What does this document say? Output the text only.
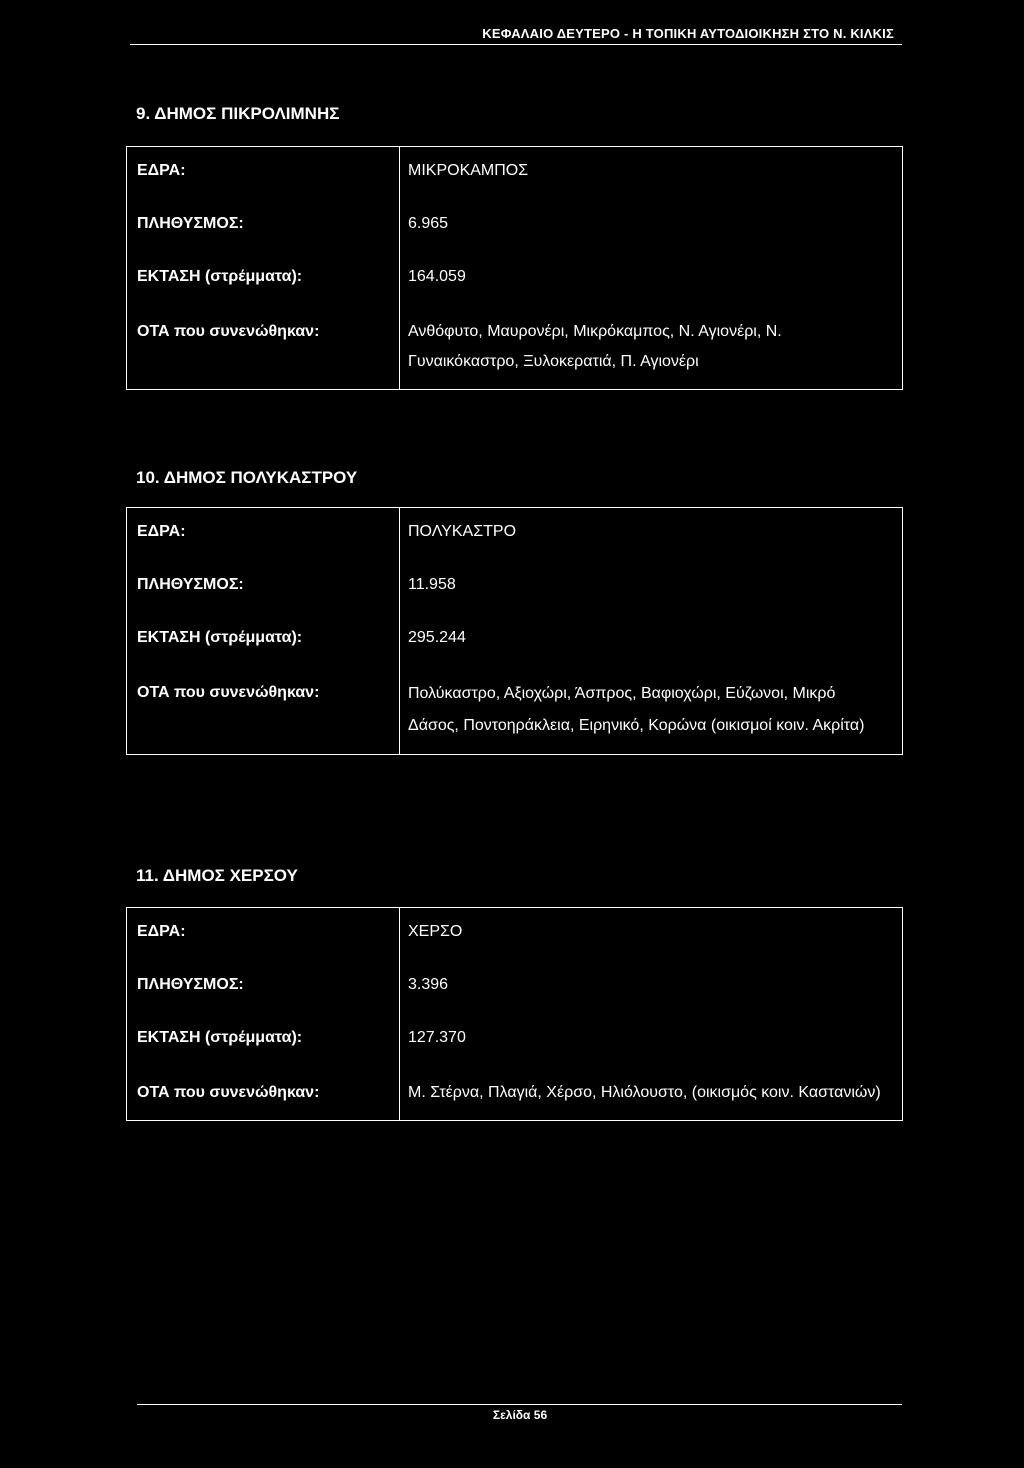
ΚΕΦΑΛΑΙΟ ΔΕΥΤΕΡΟ - Η ΤΟΠΙΚΗ ΑΥΤΟΔΙΟΙΚΗΣΗ ΣΤΟ Ν. ΚΙΛΚΙΣ
9. ΔΗΜΟΣ ΠΙΚΡΟΛΙΜΝΗΣ
ΕΔΡΑ:	ΜΙΚΡΟΚΑΜΠΟΣ
ΠΛΗΘΥΣΜΟΣ:	6.965
ΕΚΤΑΣΗ (στρέμματα):	164.059
ΟΤΑ που συνενώθηκαν:	Ανθόφυτο, Μαυρονέρι, Μικρόκαμπος, Ν. Αγιονέρι, Ν. Γυναικόκαστρο, Ξυλοκερατιά, Π. Αγιονέρι
10. ΔΗΜΟΣ ΠΟΛΥΚΑΣΤΡΟΥ
ΕΔΡΑ:	ΠΟΛΥΚΑΣΤΡΟ
ΠΛΗΘΥΣΜΟΣ:	11.958
ΕΚΤΑΣΗ (στρέμματα):	295.244
ΟΤΑ που συνενώθηκαν:	Πολύκαστρο, Αξιοχώρι, Άσπρος, Βαφιοχώρι, Εύζωνοι, Μικρό Δάσος, Ποντοηράκλεια, Ειρηνικό, Κορώνα (οικισμοί κοιν. Ακρίτα)
11. ΔΗΜΟΣ ΧΕΡΣΟΥ
ΕΔΡΑ:	ΧΕΡΣΟ
ΠΛΗΘΥΣΜΟΣ:	3.396
ΕΚΤΑΣΗ (στρέμματα):	127.370
ΟΤΑ που συνενώθηκαν:	Μ. Στέρνα, Πλαγιά, Χέρσο, Ηλιόλουστο, (οικισμός κοιν. Καστανιών)
Σελίδα 56
